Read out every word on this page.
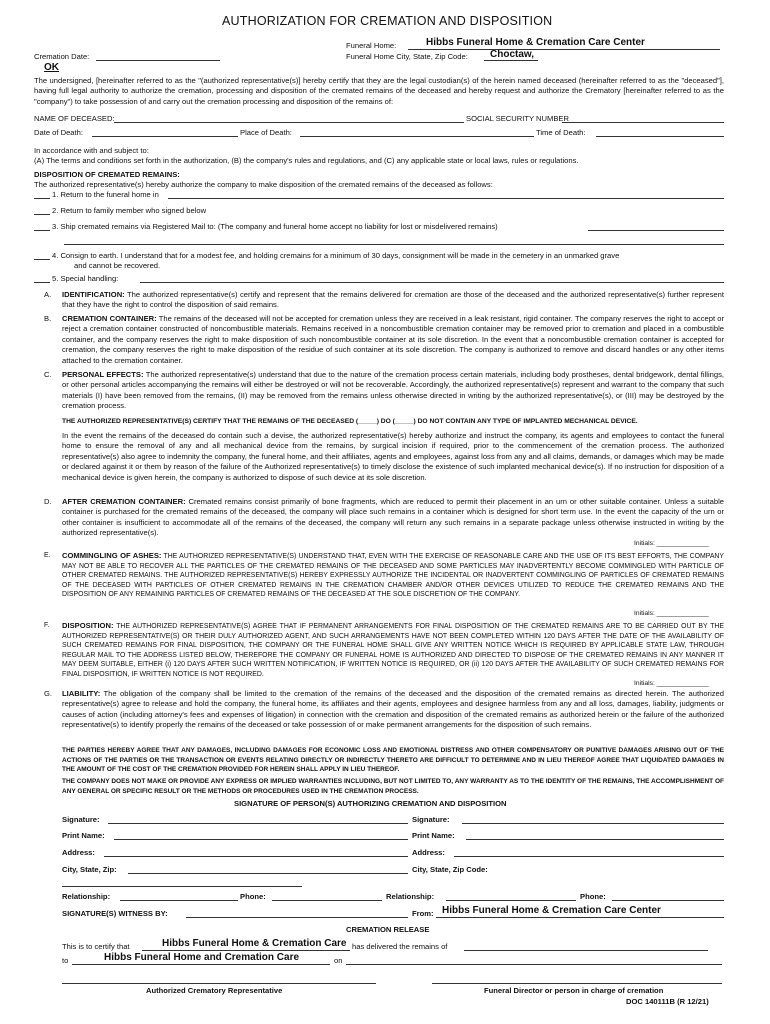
AUTHORIZATION FOR CREMATION AND DISPOSITION
Funeral Home:	Hibbs Funeral Home & Cremation Care Center
Cremation Date:	Funeral Home City, State, Zip Code: Choctaw,
OK
The undersigned, [hereinafter referred to as the "(authorized representative(s)] hereby certify that they are the legal custodian(s) of the herein named deceased (hereinafter referred to as the "deceased"], having full legal authority to authorize the cremation, processing and disposition of the cremated remains of the deceased and hereby request and authorize the Crematory [hereinafter referred to as the "company") to take possession of and carry out the cremation processing and disposition of the remains of:
NAME OF DECEASED:	SOCIAL SECURITY NUMBER
Date of Death:	Place of Death:	Time of Death:
In accordance with and subject to:
(A) The terms and conditions set forth in the authorization, (B) the company's rules and regulations, and (C) any applicable state or local laws, rules or regulations.
DISPOSITION OF CREMATED REMAINS:
The authorized representative(s) hereby authorize the company to make disposition of the cremated remains of the deceased as follows:
1. Return to the funeral home in
2. Return to family member who signed below
3. Ship cremated remains via Registered Mail to: (The company and funeral home accept no liability for lost or misdelivered remains)
4. Consign to earth. I understand that for a modest fee, and holding cremains for a minimum of 30 days, consignment will be made in the cemetery in an unmarked grave
and cannot be recovered.
5. Special handling:
A. IDENTIFICATION: The authorized representative(s) certify and represent that the remains delivered for cremation are those of the deceased and the authorized representative(s) further represent that they have the right to control the disposition of said remains.
B. CREMATION CONTAINER: The remains of the deceased will not be accepted for cremation unless they are received in a leak resistant, rigid container. The company reserves the right to accept or reject a cremation container constructed of noncombustible materials. Remains received in a noncombustible cremation container may be removed prior to cremation and placed in a combustible container, and the company reserves the right to make disposition of such noncombustible container at its sole discretion. In the event that a noncombustible cremation container is accepted for cremation, the company reserves the right to make disposition of the residue of such container at its sole discretion. The company is authorized to remove and discard handles or any other items attached to the cremation container.
C. PERSONAL EFFECTS: The authorized representative(s) understand that due to the nature of the cremation process certain materials, including body prostheses, dental bridgework, dental fillings, or other personal articles accompanying the remains will either be destroyed or will not be recoverable. Accordingly, the authorized representative(s) represent and warrant to the company that such materials (I) have been removed from the remains, (II) may be removed from the remains unless otherwise directed in writing by the authorized representative(s), or (III) may be destroyed by the cremation process.
THE AUTHORIZED REPRESENTATIVE(S) CERTIFY THAT THE REMAINS OF THE DECEASED (_____) DO (_____) DO NOT CONTAIN ANY TYPE OF IMPLANTED MECHANICAL DEVICE.
In the event the remains of the deceased do contain such a devise, the authorized representative(s) hereby authorize and instruct the company, its agents and employees to contact the funeral home to ensure the removal of any and all mechanical device from the remains, by surgical incision if required, prior to the commencement of the cremation process. The authorized representative(s) also agree to indemnity the company, the funeral home, and their affiliates, agents and employees, against loss from any and all claims, demands, or damages which may be made or declared against it or them by reason of the failure of the Authorized representative(s) to timely disclose the existence of such implanted mechanical device(s). If no instruction for disposition of a mechanical device is given herein, the company is authorized to dispose of such device at its sole discretion.
D. AFTER CREMATION CONTAINER: Cremated remains consist primarily of bone fragments, which are reduced to permit their placement in an urn or other suitable container. Unless a suitable container is purchased for the cremated remains of the deceased, the company will place such remains in a container which is designed for short term use. In the event the capacity of the urn or other container is insufficient to accommodate all of the remains of the deceased, the company will return any such remains in a separate package unless otherwise instructed in writing by the authorized representative(s).
Initials: ______________
E. COMMINGLING OF ASHES: THE AUTHORIZED REPRESENTATIVE(S) UNDERSTAND THAT, EVEN WITH THE EXERCISE OF REASONABLE CARE AND THE USE OF ITS BEST EFFORTS, THE COMPANY MAY NOT BE ABLE TO RECOVER ALL THE PARTICLES OF THE CREMATED REMAINS OF THE DECEASED AND SOME PARTICLES MAY INADVERTENTLY BECOME COMMINGLED WITH PARTICLE OF OTHER CREMATED REMAINS. THE AUTHORIZED REPRESENTATIVE(S) HEREBY EXPRESSLY AUTHORIZE THE INCIDENTAL OR INADVERTENT COMMINGLING OF PARTICLES OF CREMATED REMAINS OF THE DECEASED WITH PARTICLES OF OTHER CREMATED REMAINS IN THE CREMATION CHAMBER AND/OR OTHER DEVICES UTILIZED TO REDUCE THE CREMATED REMAINS AND THE DISPOSITION OF ANY REMAINING PARTICLES OF CREMATED REMAINS OF THE DECEASED AT THE SOLE DISCRETION OF THE COMPANY.
Initials: ______________
F. DISPOSITION: THE AUTHORIZED REPRESENTATIVE(S) AGREE THAT IF PERMANENT ARRANGEMENTS FOR FINAL DISPOSITION OF THE CREMATED REMAINS ARE TO BE CARRIED OUT BY THE AUTHORIZED REPRESENTATIVE(S) OR THEIR DULY AUTHORIZED AGENT, AND SUCH ARRANGEMENTS HAVE NOT BEEN COMPLETED WITHIN 120 DAYS AFTER THE DATE OF THE AVAILABILITY OF SUCH CREMATED REMAINS FOR FINAL DISPOSITION, THE COMPANY OR THE FUNERAL HOME SHALL GIVE ANY WRITTEN NOTICE WHICH IS REQUIRED BY APPLICABLE STATE LAW, THROUGH REGULAR MAIL TO THE ADDRESS LISTED BELOW, THEREFORE THE COMPANY OR FUNERAL HOME IS AUTHORIZED AND DIRECTED TO DISPOSE OF THE CREMATED REMAINS IN ANY MANNER IT MAY DEEM SUITABLE, EITHER (i) 120 DAYS AFTER SUCH WRITTEN NOTIFICATION, IF WRITTEN NOTICE IS REQUIRED, OR (ii) 120 DAYS AFTER THE AVAILABILITY OF SUCH CREMATED REMAINS FOR FINAL DISPOSITION, IF WRITTEN NOTICE IS NOT REQUIRED.
Initials: ______________
G. LIABILITY: The obligation of the company shall be limited to the cremation of the remains of the deceased and the disposition of the cremated remains as directed herein. The authorized representative(s) agree to release and hold the company, the funeral home, its affiliates and their agents, employees and designee harmless from any and all loss, damages, liability, judgments or causes of action (including attorney's fees and expenses of litigation) in connection with the cremation and disposition of the cremated remains as authorized herein or the failure of the authorized representative(s) to identify properly the remains of the deceased or take possession of or make permanent arrangements for the disposition of such remains.
THE PARTIES HEREBY AGREE THAT ANY DAMAGES, INCLUDING DAMAGES FOR ECONOMIC LOSS AND EMOTIONAL DISTRESS AND OTHER COMPENSATORY OR PUNITIVE DAMAGES ARISING OUT OF THE ACTIONS OF THE PARTIES OR THE TRANSACTION OR EVENTS RELATING DIRECTLY OR INDIRECTLY THERETO ARE DIFFICULT TO DETERMINE AND IN LIEU THEREOF AGREE THAT LIQUIDATED DAMAGES IN THE AMOUNT OF THE COST OF THE CREMATION PROVIDED FOR HEREIN SHALL APPLY IN LIEU THEREOF.
THE COMPANY DOES NOT MAKE OR PROVIDE ANY EXPRESS OR IMPLIED WARRANTIES INCLUDING, BUT NOT LIMITED TO, ANY WARRANTY AS TO THE IDENTITY OF THE REMAINS, THE ACCOMPLISHMENT OF ANY GENERAL OR SPECIFIC RESULT OR THE METHODS OR PROCEDURES USED IN THE CREMATION PROCESS.
SIGNATURE OF PERSON(S) AUTHORIZING CREMATION AND DISPOSITION
Signature:	Signature:
Print Name:	Print Name:
Address:	Address:
City, State, Zip:	City, State, Zip Code:
Relationship:	Phone:	Relationship:	Phone:
SIGNATURE(S) WITNESS BY:	From: Hibbs Funeral Home & Cremation Care Center
CREMATION RELEASE
This is to certify that	Hibbs Funeral Home & Cremation Care has delivered the remains of
to	Hibbs Funeral Home and Cremation Care	on
Authorized Crematory Representative	Funeral Director or person in charge of cremation
DOC 140111B (R 12/21)
